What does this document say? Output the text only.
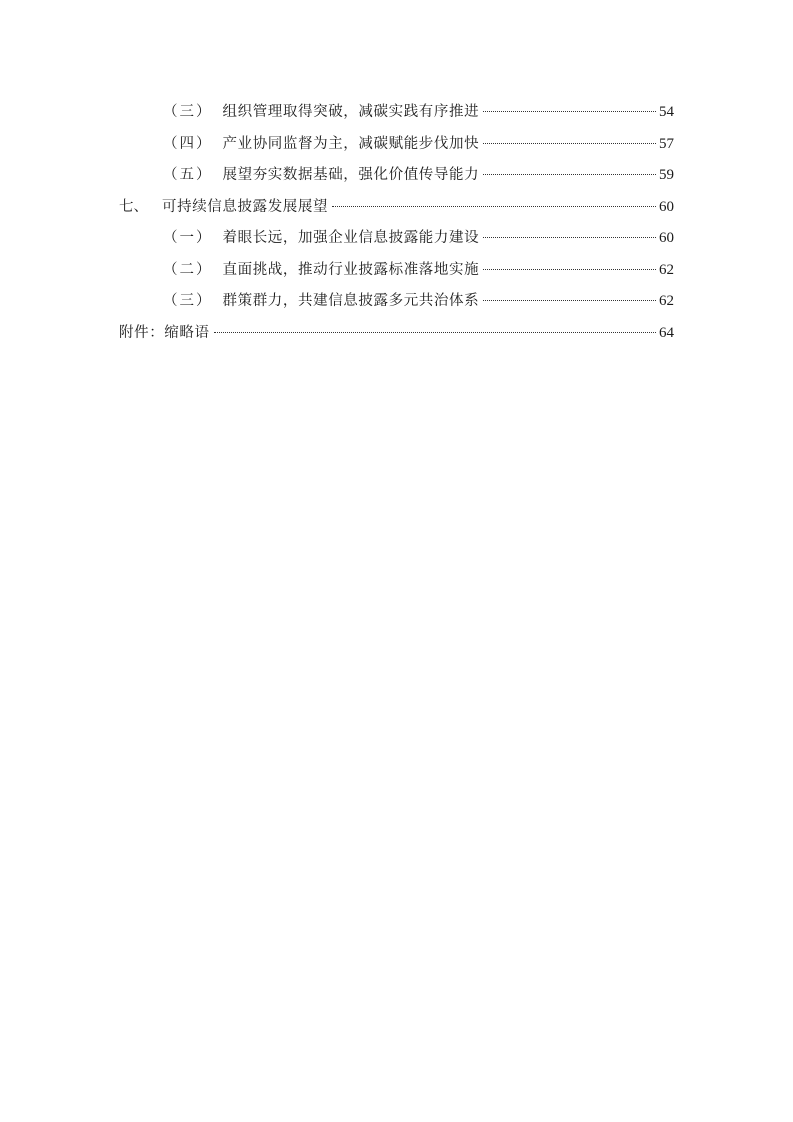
（三） 组织管理取得突破，减碳实践有序推进	54
（四） 产业协同监督为主，减碳赋能步伐加快	57
（五） 展望夯实数据基础，强化价值传导能力	59
七、 可持续信息披露发展展望	60
（一） 着眼长远，加强企业信息披露能力建设	60
（二） 直面挑战，推动行业披露标准落地实施	62
（三） 群策群力，共建信息披露多元共治体系	62
附件：缩略语	64
